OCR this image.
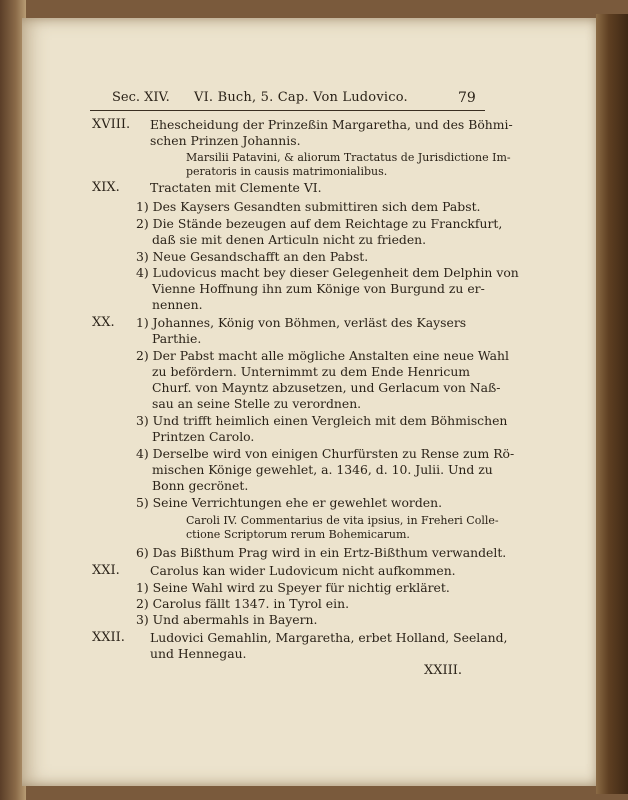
Sec. XIV. VI. Buch, 5. Cap. Von Ludovico.	79
XVIII. Ehescheidung der Prinzeßin Margaretha, und des Böhmi-
schen Prinzen Johannis.
Marsilii Patavini, & aliorum Tractatus de Jurisdictione Im-
peratoris in causis matrimonialibus.
XIX. Tractaten mit Clemente VI.
1) Des Kaysers Gesandten submittiren sich dem Pabst.
2) Die Stände bezeugen auf dem Reichtage zu Franckfurt,
daß sie mit denen Articuln nicht zu frieden.
3) Neue Gesandschafft an den Pabst.
4) Ludovicus macht bey dieser Gelegenheit dem Delphin von
Vienne Hoffnung ihn zum Könige von Burgund zu er-
nennen.
XX. 1) Johannes, König von Böhmen, verläst des Kaysers
Parthie.
2) Der Pabst macht alle mögliche Anstalten eine neue Wahl
zu befördern. Unternimmt zu dem Ende Henricum
Churf. von Mayntz abzusetzen, und Gerlacum von Naß-
sau an seine Stelle zu verordnen.
3) Und trifft heimlich einen Vergleich mit dem Böhmischen
Printzen Carolo.
4) Derselbe wird von einigen Churfürsten zu Rense zum Rö-
mischen Könige gewehlet, a. 1346, d. 10. Julii. Und zu
Bonn gecrönet.
5) Seine Verrichtungen ehe er gewehlet worden.
Caroli IV. Commentarius de vita ipsius, in Freheri Colle-
ctione Scriptorum rerum Bohemicarum.
6) Das Bißthum Prag wird in ein Ertz-Bißthum verwandelt.
XXI. Carolus kan wider Ludovicum nicht aufkommen.
1) Seine Wahl wird zu Speyer für nichtig erkläret.
2) Carolus fällt 1347. in Tyrol ein.
3) Und abermahls in Bayern.
XXII. Ludovici Gemahlin, Margaretha, erbet Holland, Seeland,
und Hennegau.
XXIII.
